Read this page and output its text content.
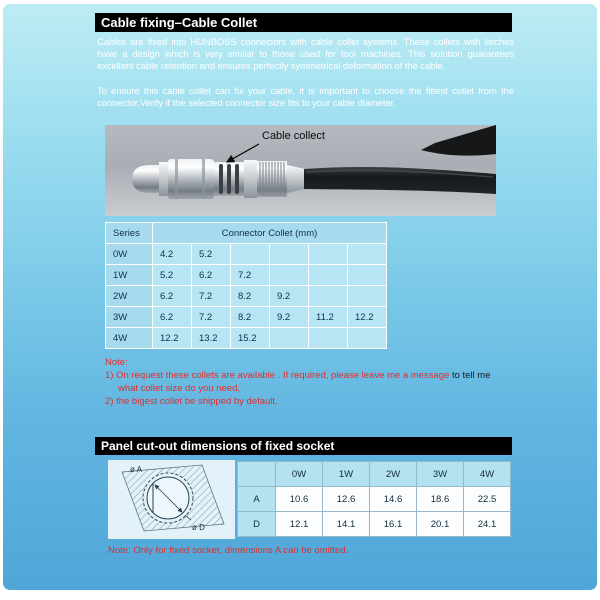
Cable fixing–Cable Collet

Cables are fixed into HUNBOSS connectors with cable collet systems. These collets with latches have a design which is very similar to those used for tool machines. This solution guarantees excellent cable retention and ensures perfectly symmetrical deformation of the cable.

To ensure this cable collet can fix your cable, it is important to choose the fittest collet from the connector.Verify if the selected connector size fits to your cable diameter.

Cable collect
Series	Connector Collet (mm)					
0W	4.2	5.2				
1W	5.2	6.2	7.2			
2W	6.2	7.2	8.2	9.2		
3W	6.2	7.2	8.2	9.2	11.2	12.2
4W	12.2	13.2	15.2			
Note:
1) On request these collets are available . If required, please leave me a message to tell me
what collet size do you need,
2) the bigest collet be shipped by default.
Panel cut-out dimensions of fixed socket
ø A
ø D
	0W	1W	2W	3W	4W
A	10.6	12.6	14.6	18.6	22.5
D	12.1	14.1	16.1	20.1	24.1
Note: Only for fixed socket, dimensions A can be omitted.
